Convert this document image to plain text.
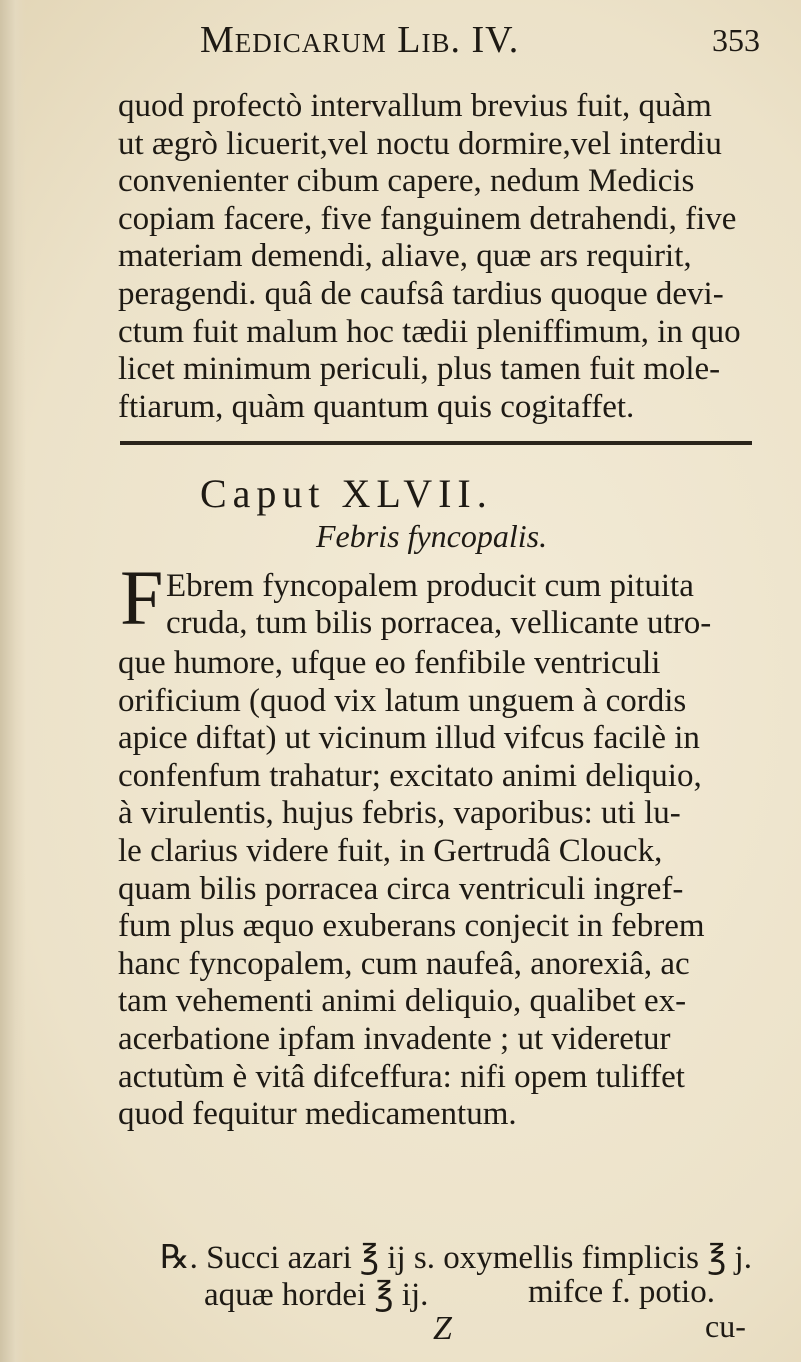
Medicarum Lib. IV.	353
quod profectò intervallum brevius fuit, quàm
ut ægrò licuerit,vel noctu dormire,vel interdiu
convenienter cibum capere, nedum Medicis
copiam facere, five fanguinem detrahendi, five
materiam demendi, aliave, quæ ars requirit,
peragendi. quâ de caufsâ tardius quoque devi-
ctum fuit malum hoc tædii pleniffimum, in quo
licet minimum periculi, plus tamen fuit mole-
ftiarum, quàm quantum quis cogitaffet.
Caput XLVII.
Febris fyncopalis.
F Ebrem fyncopalem producit cum pituita
cruda, tum bilis porracea, vellicante utro-
que humore, ufque eo fenfibile ventriculi
orificium (quod vix latum unguem à cordis
apice diftat) ut vicinum illud vifcus facilè in
confenfum trahatur; excitato animi deliquio,
à virulentis, hujus febris, vaporibus: uti lu-
le clarius videre fuit, in Gertrudâ Clouck,
quam bilis porracea circa ventriculi ingref-
fum plus æquo exuberans conjecit in febrem
hanc fyncopalem, cum naufeâ, anorexiâ, ac
tam vehementi animi deliquio, qualibet ex-
acerbatione ipfam invadente ; ut videretur
actutùm è vitâ difceffura: nifi opem tuliffet
quod fequitur medicamentum.
℞. Succi azari ℥ ij s. oxymellis fimplicis ℥ j.
aquæ hordei ℥ ij.	mifce f. potio.
Z	cu-
